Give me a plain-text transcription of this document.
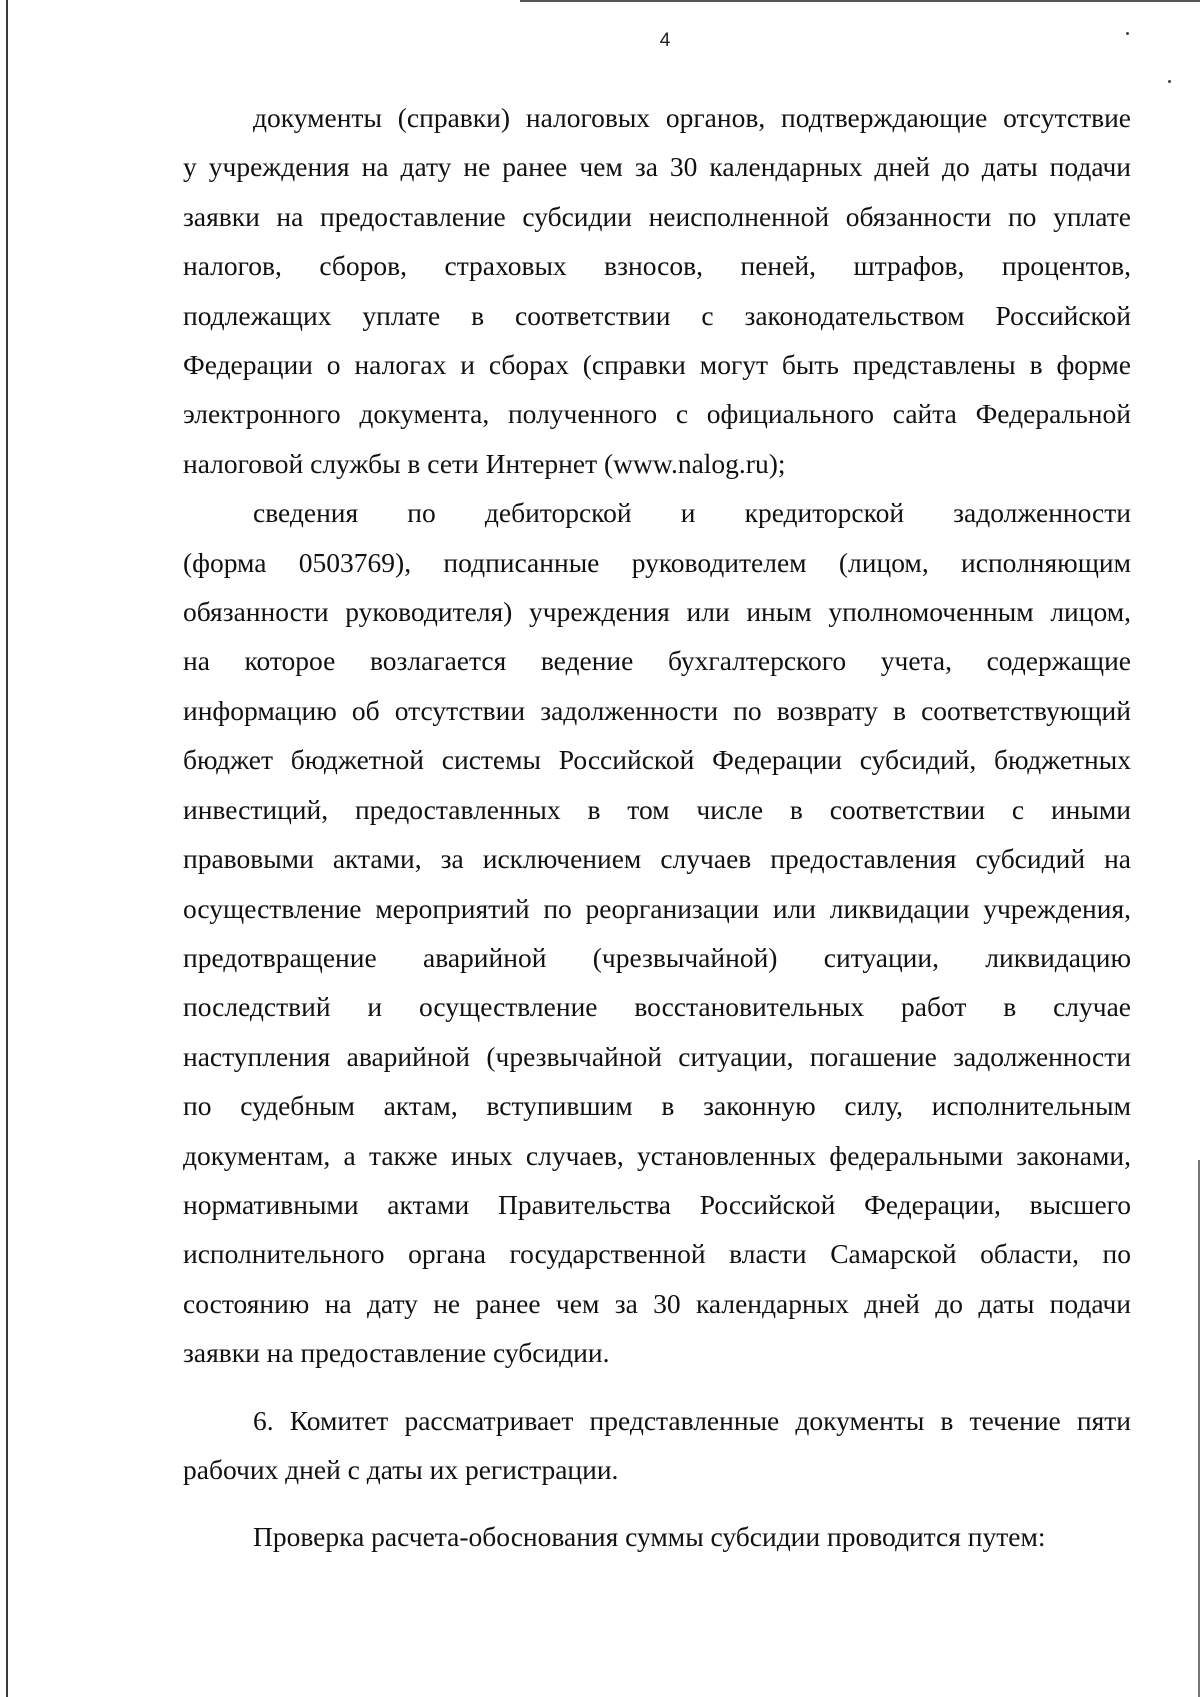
4
документы (справки) налоговых органов, подтверждающие отсутствие
у учреждения на дату не ранее чем за 30 календарных дней до даты подачи
заявки на предоставление субсидии неисполненной обязанности по уплате
налогов, сборов, страховых взносов, пеней, штрафов, процентов,
подлежащих уплате в соответствии с законодательством Российской
Федерации о налогах и сборах (справки могут быть представлены в форме
электронного документа, полученного с официального сайта Федеральной
налоговой службы в сети Интернет (www.nalog.ru);
сведения по дебиторской и кредиторской задолженности
(форма 0503769), подписанные руководителем (лицом, исполняющим
обязанности руководителя) учреждения или иным уполномоченным лицом,
на которое возлагается ведение бухгалтерского учета, содержащие
информацию об отсутствии задолженности по возврату в соответствующий
бюджет бюджетной системы Российской Федерации субсидий, бюджетных
инвестиций, предоставленных в том числе в соответствии с иными
правовыми актами, за исключением случаев предоставления субсидий на
осуществление мероприятий по реорганизации или ликвидации учреждения,
предотвращение аварийной (чрезвычайной) ситуации, ликвидацию
последствий и осуществление восстановительных работ в случае
наступления аварийной (чрезвычайной ситуации, погашение задолженности
по судебным актам, вступившим в законную силу, исполнительным
документам, а также иных случаев, установленных федеральными законами,
нормативными актами Правительства Российской Федерации, высшего
исполнительного органа государственной власти Самарской области, по
состоянию на дату не ранее чем за 30 календарных дней до даты подачи
заявки на предоставление субсидии.
6. Комитет рассматривает представленные документы в течение пяти
рабочих дней с даты их регистрации.
Проверка расчета-обоснования суммы субсидии проводится путем:
